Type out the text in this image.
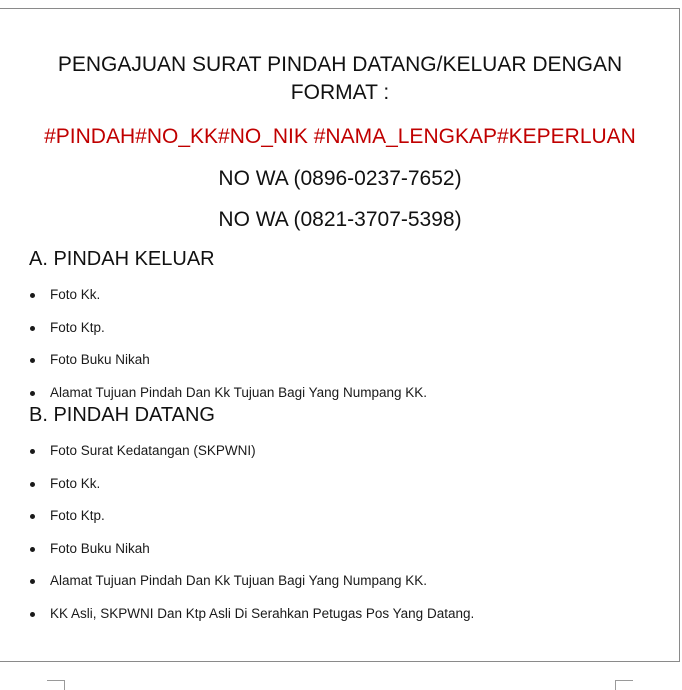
PENGAJUAN SURAT PINDAH DATANG/KELUAR DENGAN FORMAT :
#PINDAH#NO_KK#NO_NIK #NAMA_LENGKAP#KEPERLUAN
NO WA (0896-0237-7652)
NO WA (0821-3707-5398)
A. PINDAH KELUAR
Foto Kk.
Foto Ktp.
Foto Buku Nikah
Alamat Tujuan Pindah Dan Kk Tujuan Bagi Yang Numpang KK.
B. PINDAH DATANG
Foto Surat Kedatangan (SKPWNI)
Foto Kk.
Foto Ktp.
Foto Buku Nikah
Alamat Tujuan Pindah Dan Kk Tujuan Bagi Yang Numpang KK.
KK Asli, SKPWNI Dan Ktp Asli Di Serahkan Petugas Pos Yang Datang.
